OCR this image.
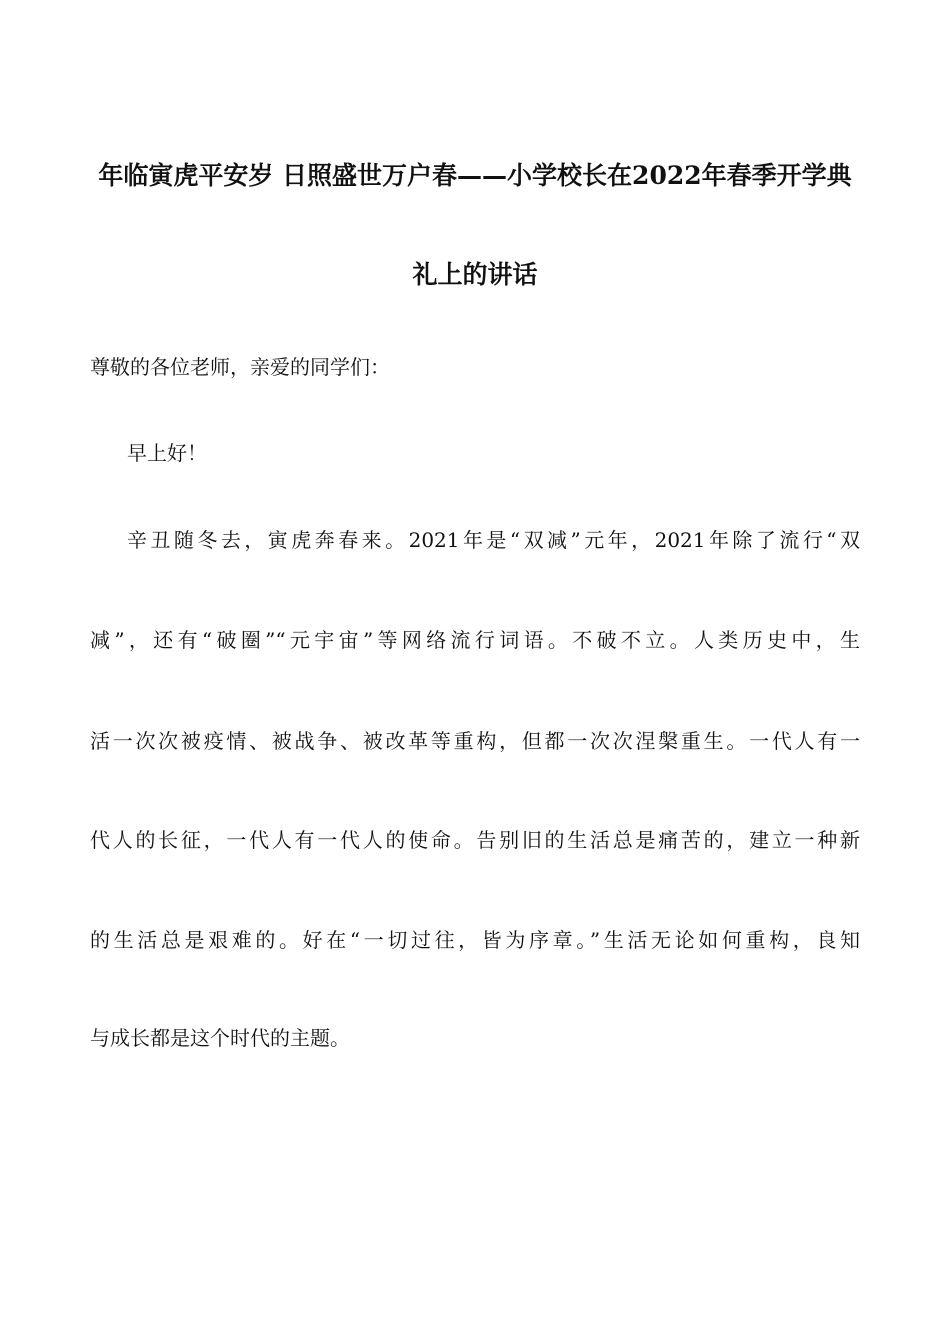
年临寅虎平安岁 日照盛世万户春——小学校长在2022年春季开学典
礼上的讲话

尊敬的各位老师，亲爱的同学们：

早上好！

辛丑随冬去，寅虎奔春来。2021年是“双减”元年，2021年除了流行“双

减”，还有“破圈”“元宇宙”等网络流行词语。不破不立。人类历史中，生

活一次次被疫情、被战争、被改革等重构，但都一次次涅槃重生。一代人有一

代人的长征，一代人有一代人的使命。告别旧的生活总是痛苦的，建立一种新

的生活总是艰难的。好在“一切过往，皆为序章。”生活无论如何重构，良知

与成长都是这个时代的主题。
